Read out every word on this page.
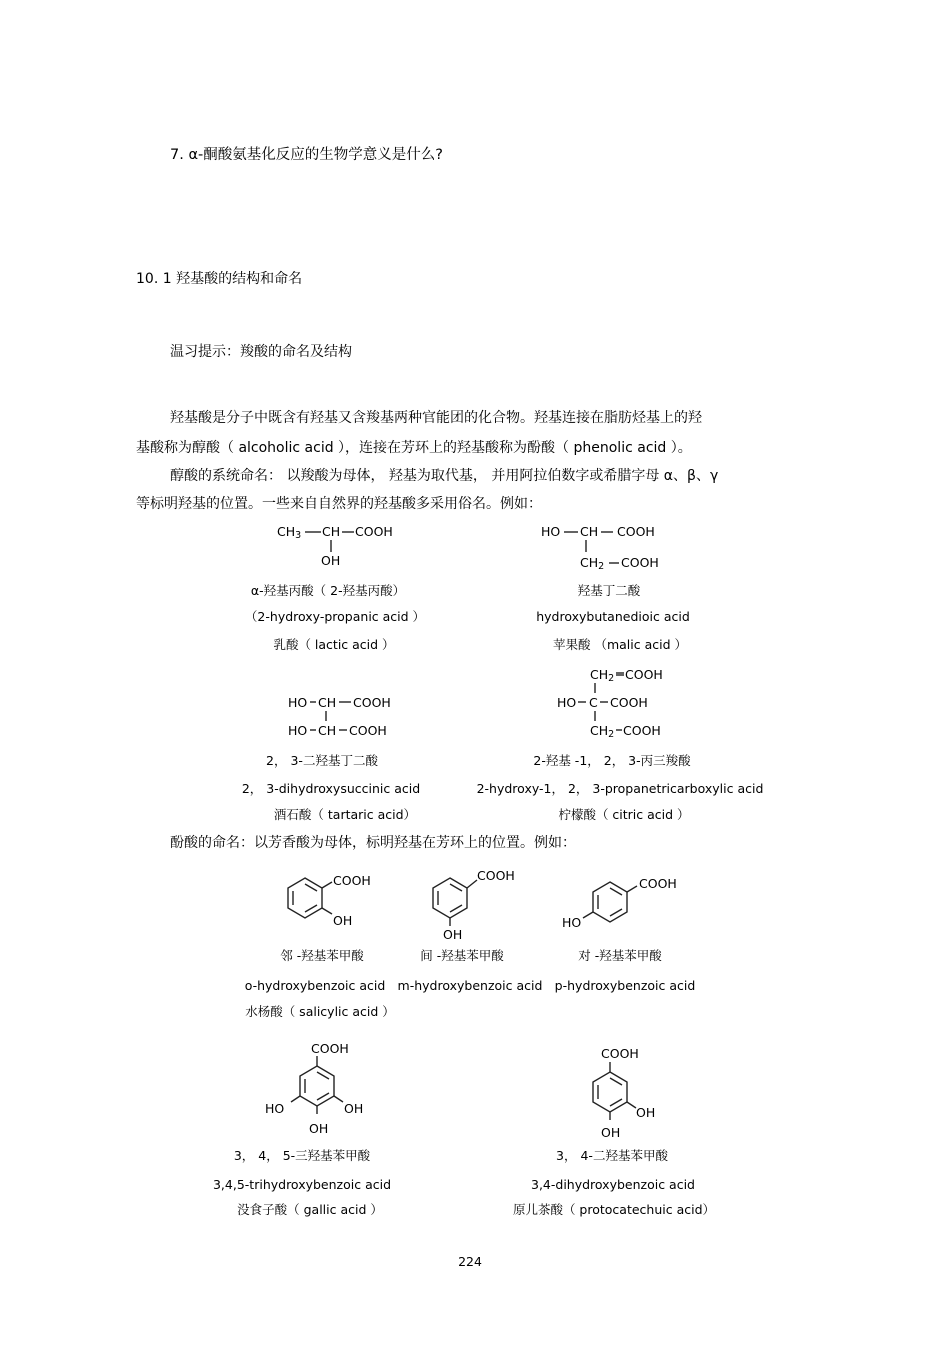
7. α-酮酸氨基化反应的生物学意义是什么?
10. 1 羟基酸的结构和命名
温习提示：羧酸的命名及结构
羟基酸是分子中既含有羟基又含羧基两种官能团的化合物。羟基连接在脂肪烃基上的羟
基酸称为醇酸（ alcoholic acid ），连接在芳环上的羟基酸称为酚酸（ phenolic acid ）。
醇酸的系统命名： 以羧酸为母体， 羟基为取代基， 并用阿拉伯数字或希腊字母 α、β、γ
等标明羟基的位置。一些来自自然界的羟基酸多采用俗名。例如：
$CH_3$ CH COOH
OH
α-羟基丙酸（ 2-羟基丙酸）
（2-hydroxy-propanic acid ）
乳酸（ lactic acid ）
HO CH COOH
$CH_2$ COOH
羟基丁二酸
hydroxybutanedioic acid
苹果酸 （malic acid ）
HO CH COOH
HO CH COOH
2， 3-二羟基丁二酸
2， 3-dihydroxysuccinic acid
酒石酸（ tartaric acid）
$CH_2$ COOH
HO C COOH
$CH_2$ COOH
2-羟基 -1， 2， 3-丙三羧酸
2-hydroxy-1， 2， 3-propanetricarboxylic acid
柠檬酸（ citric acid ）
酚酸的命名：以芳香酸为母体，标明羟基在芳环上的位置。例如：
COOH
OH
邻 -羟基苯甲酸
o-hydroxybenzoic acid
水杨酸（ salicylic acid ）
COOH
OH
间 -羟基苯甲酸
m-hydroxybenzoic acid
COOH
HO
对 -羟基苯甲酸
p-hydroxybenzoic acid
COOH
HO	OH
OH
3， 4， 5-三羟基苯甲酸
3,4,5-trihydroxybenzoic acid
没食子酸（ gallic acid ）
COOH
OH
OH
3， 4-二羟基苯甲酸
3,4-dihydroxybenzoic acid
原儿茶酸（ protocatechuic acid）
224
